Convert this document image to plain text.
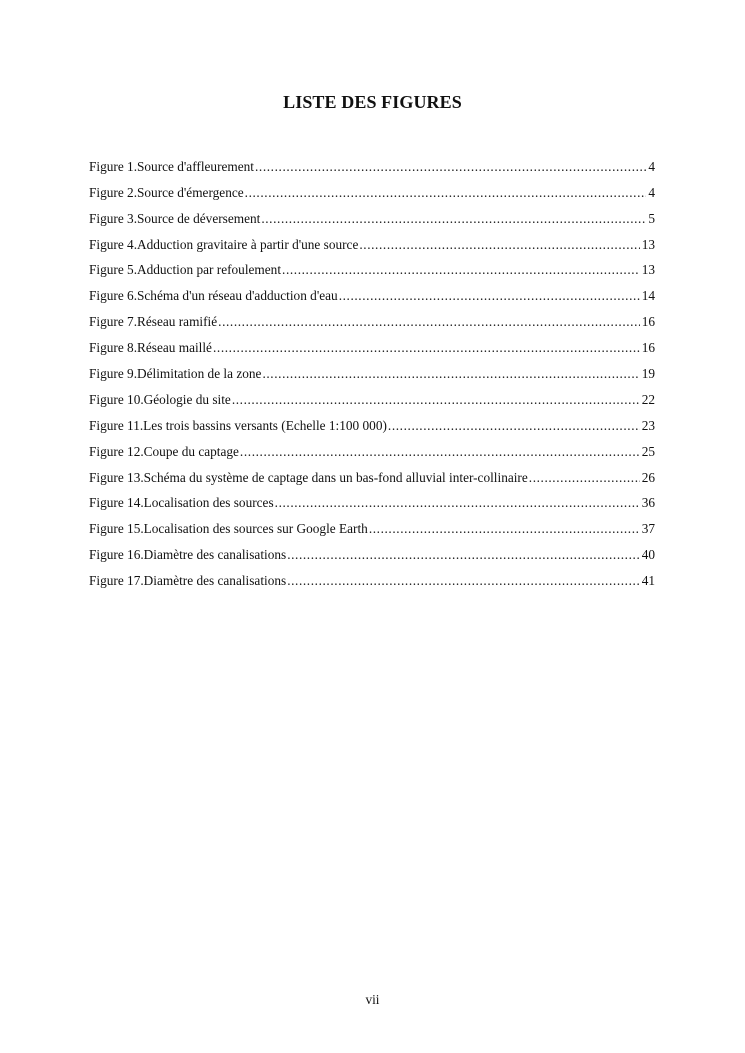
LISTE DES FIGURES
Figure 1.Source d'affleurement .....	4
Figure 2.Source d'émergence .....	4
Figure 3.Source de déversement .....	5
Figure 4.Adduction gravitaire à partir d'une source .....	13
Figure 5.Adduction par refoulement .....	13
Figure 6.Schéma d'un réseau d'adduction d'eau .....	14
Figure 7.Réseau ramifié .....	16
Figure 8.Réseau maillé .....	16
Figure 9.Délimitation de la zone .....	19
Figure 10.Géologie du site .....	22
Figure 11.Les trois bassins versants (Echelle 1:100 000) .....	23
Figure 12.Coupe du captage .....	25
Figure 13.Schéma du système de captage dans un bas-fond alluvial inter-collinaire .....	26
Figure 14.Localisation des sources .....	36
Figure 15.Localisation des sources sur Google Earth .....	37
Figure 16.Diamètre des canalisations .....	40
Figure 17.Diamètre des canalisations .....	41
vii
